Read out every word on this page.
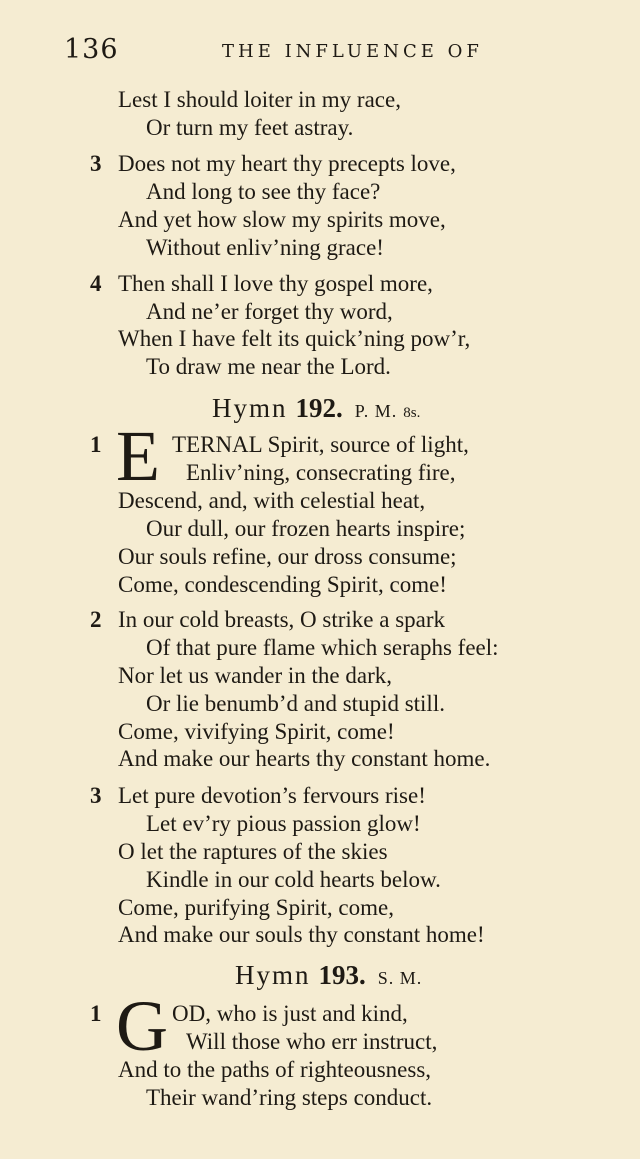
136	THE INFLUENCE OF
Lest I should loiter in my race,
Or turn my feet astray.
3 Does not my heart thy precepts love,
And long to see thy face?
And yet how slow my spirits move,
Without enliv’ning grace!
4 Then shall I love thy gospel more,
And ne’er forget thy word,
When I have felt its quick’ning pow’r,
To draw me near the Lord.
Hymn 192. P. M. 8s.
1 E TERNAL Spirit, source of light,
Enliv’ning, consecrating fire,
Descend, and, with celestial heat,
Our dull, our frozen hearts inspire;
Our souls refine, our dross consume;
Come, condescending Spirit, come!
2 In our cold breasts, O strike a spark
Of that pure flame which seraphs feel:
Nor let us wander in the dark,
Or lie benumb’d and stupid still.
Come, vivifying Spirit, come!
And make our hearts thy constant home.
3 Let pure devotion’s fervours rise!
Let ev’ry pious passion glow!
O let the raptures of the skies
Kindle in our cold hearts below.
Come, purifying Spirit, come,
And make our souls thy constant home!
Hymn 193. S. M.
1 G OD, who is just and kind,
Will those who err instruct,
And to the paths of righteousness,
Their wand’ring steps conduct.
